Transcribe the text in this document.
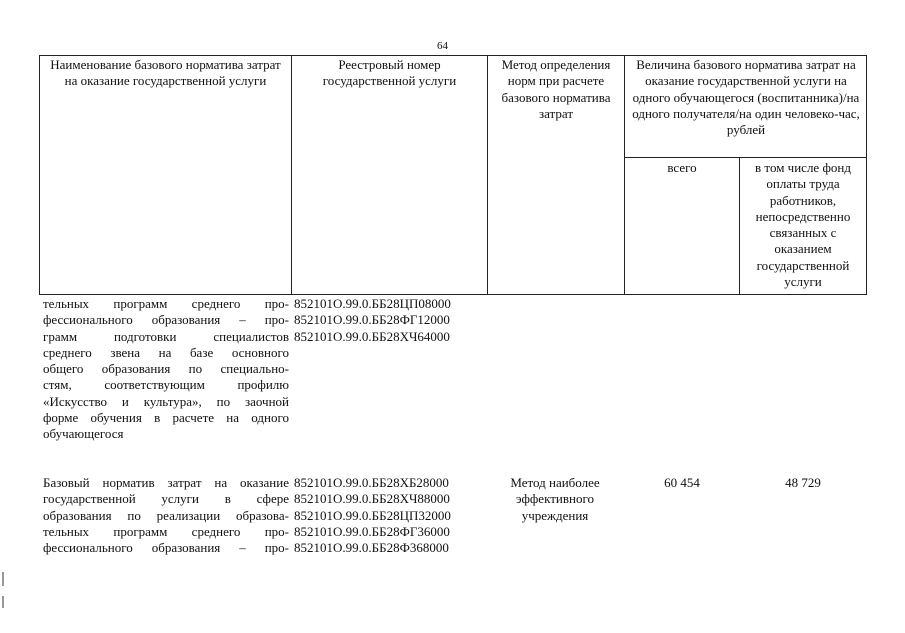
64
Наименование базового норматива затрат на оказание государственной услуги
Реестровый номер государственной услуги
Метод определения норм при расчете базового норматива затрат
Величина базового норматива затрат на оказание государственной услуги на одного обучающегося (воспитанника)/на одного получателя/на один человеко-час, рублей
всего	в том числе фонд оплаты труда работников, непосредственно связанных с оказанием государственной услуги
тельных программ среднего про-
фессионального образования – про-
грамм подготовки специалистов
среднего звена на базе основного
общего образования по специально-
стям, соответствующим профилю
«Искусство и культура», по заочной
форме обучения в расчете на одного
обучающегося
852101О.99.0.ББ28ЦП08000
852101О.99.0.ББ28ФГ12000
852101О.99.0.ББ28ХЧ64000
Базовый норматив затрат на оказание
государственной услуги в сфере
образования по реализации образова-
тельных программ среднего про-
фессионального образования – про-
852101О.99.0.ББ28ХБ28000
852101О.99.0.ББ28ХЧ88000
852101О.99.0.ББ28ЦП32000
852101О.99.0.ББ28ФГ36000
852101О.99.0.ББ28Ф368000
Метод наиболее эффективного учреждения
60 454	48 729
